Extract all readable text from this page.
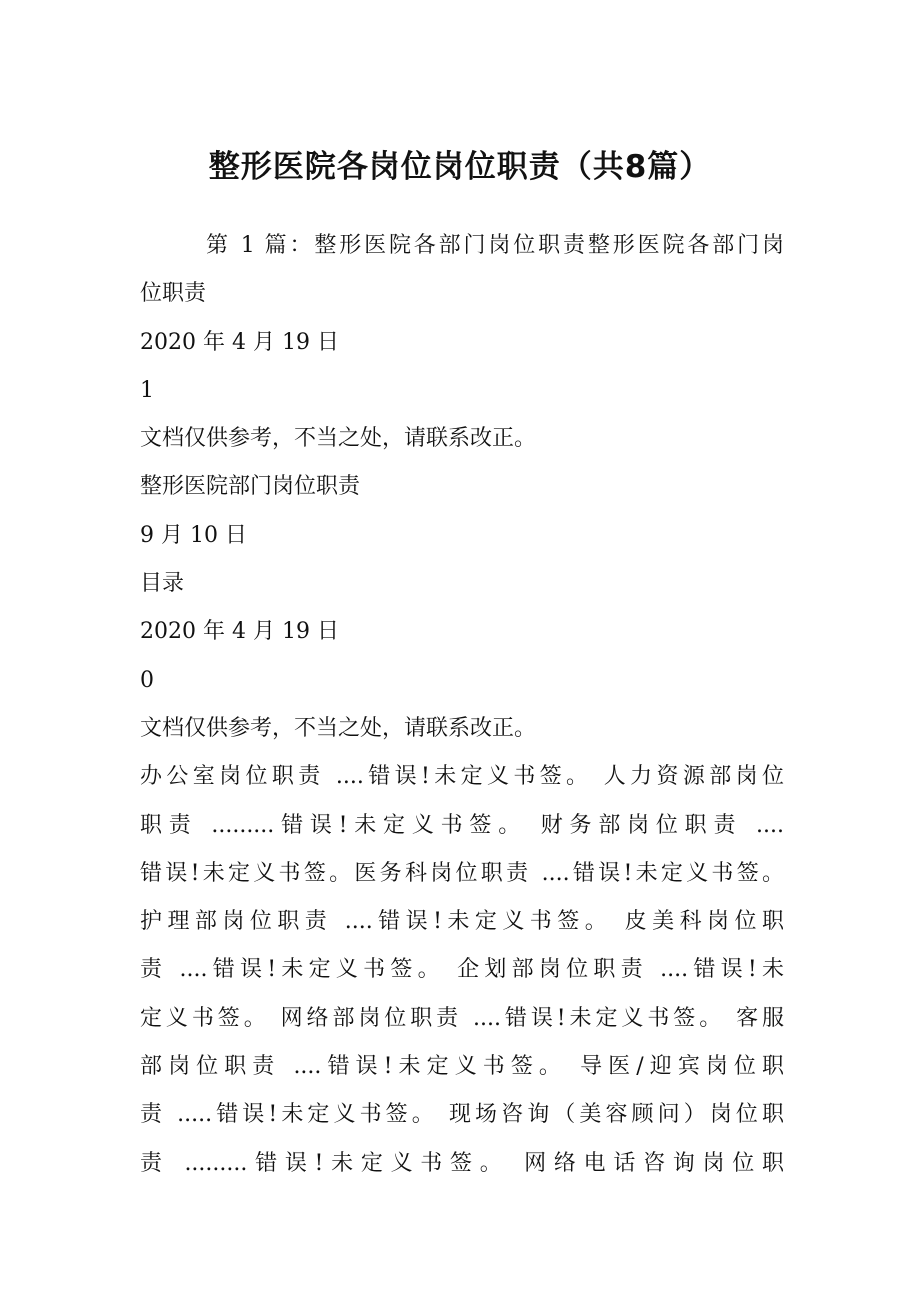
整形医院各岗位岗位职责（共8篇）
第 1 篇：整形医院各部门岗位职责整形医院各部门岗
位职责
2020 年 4 月 19 日
1
文档仅供参考，不当之处，请联系改正。
整形医院部门岗位职责
9 月 10 日
目录
2020 年 4 月 19 日
0
文档仅供参考，不当之处，请联系改正。
办公室岗位职责 ....错误!未定义书签。 人力资源部岗位
职责 .........错误!未定义书签。 财务部岗位职责 ....
错误!未定义书签。医务科岗位职责 ....错误!未定义书签。
护理部岗位职责 ....错误!未定义书签。 皮美科岗位职
责 ....错误!未定义书签。 企划部岗位职责 ....错误!未
定义书签。 网络部岗位职责 ....错误!未定义书签。 客服
部岗位职责 ....错误!未定义书签。 导医/迎宾岗位职
责 .....错误!未定义书签。 现场咨询（美容顾问）岗位职
责 .........错误!未定义书签。 网络电话咨询岗位职
